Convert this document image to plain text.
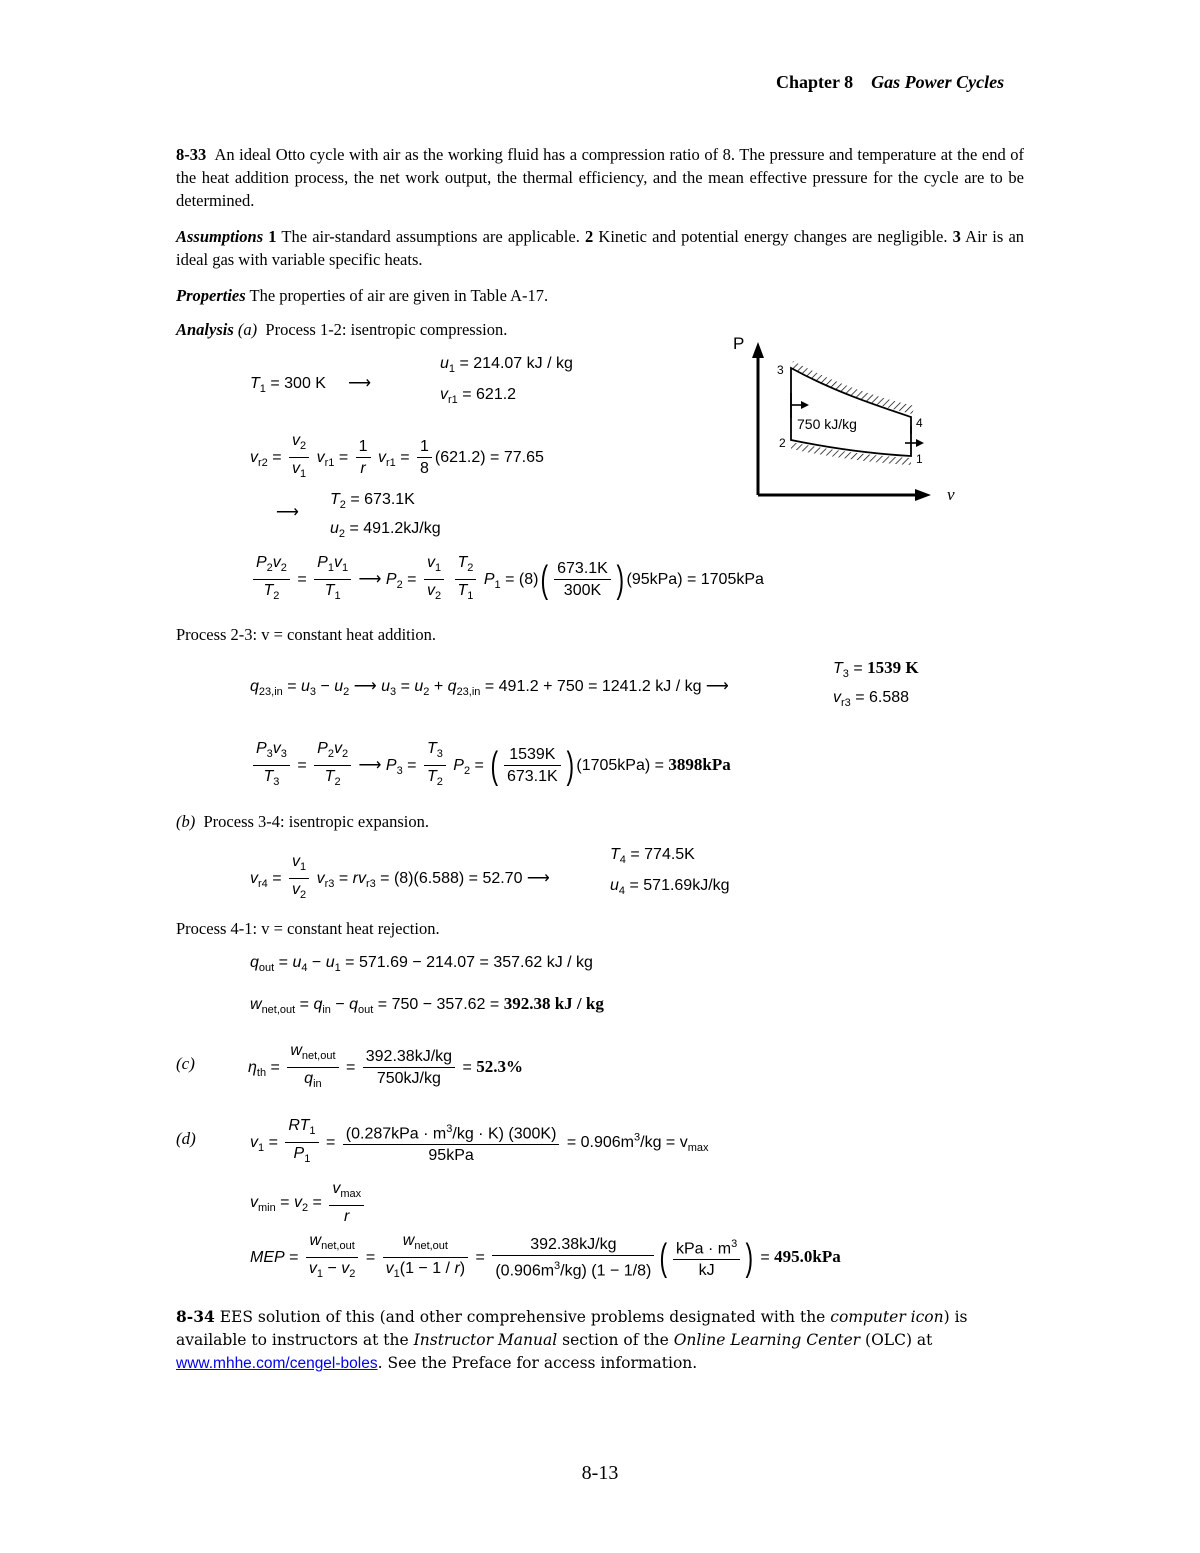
Chapter 8 Gas Power Cycles
8-33 An ideal Otto cycle with air as the working fluid has a compression ratio of 8. The pressure and temperature at the end of the heat addition process, the net work output, the thermal efficiency, and the mean effective pressure for the cycle are to be determined.
Assumptions 1 The air-standard assumptions are applicable. 2 Kinetic and potential energy changes are negligible. 3 Air is an ideal gas with variable specific heats.
Properties The properties of air are given in Table A-17.
Analysis (a) Process 1-2: isentropic compression.
P
v
750 kJ/kg
3
2
4
1
$T_1 = 300$ K     ⟶
$u_1 = 214.07$ kJ / kg
$v_{r1} = 621.2$
$v_{r2} = \frac{v_2}{v_1} v_{r1} = \frac{1}{r} v_{r1} = \frac{1}{8} (621.2) = 77.65$
$T_2 = 673.1K$
⟶
$u_2 = 491.2kJ/kg$
$\frac{P_2v_2}{T_2} = \frac{P_1v_1}{T_1}$ ⟶ $P_2 = \frac{v_1}{v_2}$
$\frac{T_2}{T_1} P_1 = (8)( \frac{673.1K}{300K}$ ) (95kPa) = 1705kPa
Process 2-3: v = constant heat addition.
$q_{23,in} = u_3 - u_2$ ⟶ $u_3 = u_2 + q_{23,in} = 491.2 + 750 = 1241.2$ kJ / kg ⟶
$T_3 = 1539$ K
$v_{r3} = 6.588$
$\frac{P_3v_3}{T_3} = \frac{P_2v_2}{T_2}$ ⟶ $P_3 = \frac{T_3}{T_2} P_2$ = ( $\frac{1539K}{673.1K}$ ) (1705kPa) = 3898kPa
(b) Process 3-4: isentropic expansion.
$v_{r4} = \frac{v_1}{v_2} v_{r3} = rv_{r3} = (8)(6.588) = 52.70$ ⟶
$T_4 = 774.5K$
$u_4 = 571.69kJ/kg$
Process 4-1: v = constant heat rejection.
$q_{out} = u_4 - u_1 = 571.69 - 214.07 = 357.62$ kJ / kg
$w_{net,out} = q_{in} - q_{out} = 750 - 357.62 = 392.38$ kJ / kg
(c)	$\eta_{th} = \frac{w_{net,out}}{q_{in}} = \frac{392.38kJ/kg}{750kJ/kg} = 52.3\%$
(d)	$v_1 = \frac{RT_1}{P_1} = \frac{(0.287kPa \cdot m^3/kg \cdot K) (300K)}{\text{95kPa}} = 0.906m^3/kg = v_{max}$
$v_{min} = v_2 = \frac{v_{max}}{r}$
MEP = $\frac{w_{net,out}}{v_1 - v_2} = \frac{w_{net,out}}{v_1(1 - 1 / r)} = \frac{392.38kJ/kg}{(0.906m^3/kg) (1 - 1/8)}$ ( $\frac{kPa \cdot m^3}{kJ}$ ) = 495.0kPa
8-34 EES solution of this (and other comprehensive problems designated with the computer icon) is available to instructors at the Instructor Manual section of the Online Learning Center (OLC) at
www.mhhe.com/cengel-boles. See the Preface for access information.
8-13
